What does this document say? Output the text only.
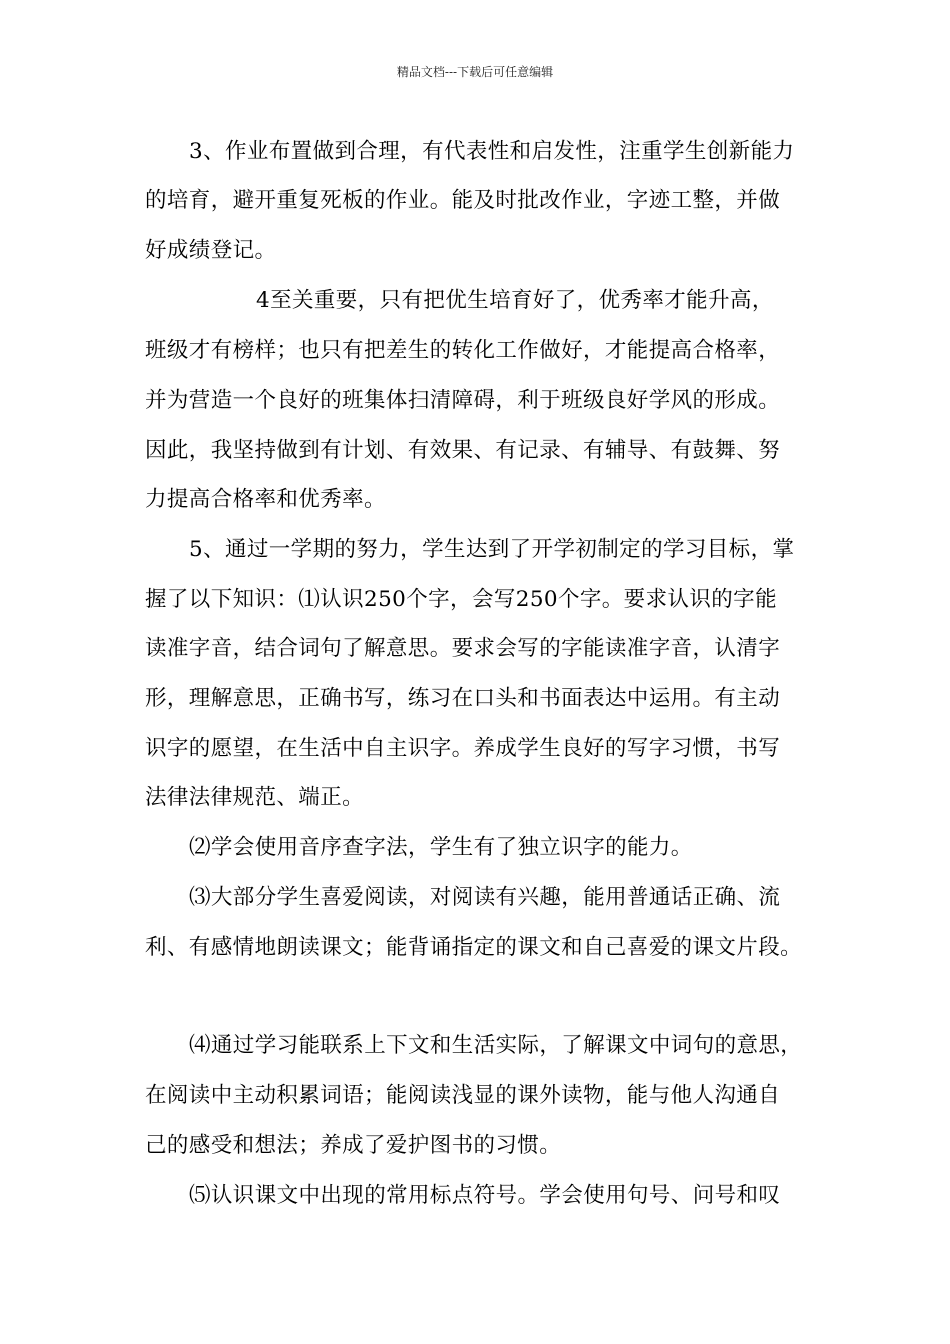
精品文档---下载后可任意编辑
3、作业布置做到合理，有代表性和启发性，注重学生创新能力
的培育，避开重复死板的作业。能及时批改作业，字迹工整，并做
好成绩登记。
4至关重要，只有把优生培育好了，优秀率才能升高，
班级才有榜样；也只有把差生的转化工作做好，才能提高合格率，
并为营造一个良好的班集体扫清障碍，利于班级良好学风的形成。
因此，我坚持做到有计划、有效果、有记录、有辅导、有鼓舞、努
力提高合格率和优秀率。
5、通过一学期的努力，学生达到了开学初制定的学习目标，掌
握了以下知识：⑴认识250个字，会写250个字。要求认识的字能
读准字音，结合词句了解意思。要求会写的字能读准字音，认清字
形，理解意思，正确书写，练习在口头和书面表达中运用。有主动
识字的愿望，在生活中自主识字。养成学生良好的写字习惯，书写
法律法律规范、端正。
⑵学会使用音序查字法，学生有了独立识字的能力。
⑶大部分学生喜爱阅读，对阅读有兴趣，能用普通话正确、流
利、有感情地朗读课文；能背诵指定的课文和自己喜爱的课文片段。
⑷通过学习能联系上下文和生活实际，了解课文中词句的意思，
在阅读中主动积累词语；能阅读浅显的课外读物，能与他人沟通自
己的感受和想法；养成了爱护图书的习惯。
⑸认识课文中出现的常用标点符号。学会使用句号、问号和叹
